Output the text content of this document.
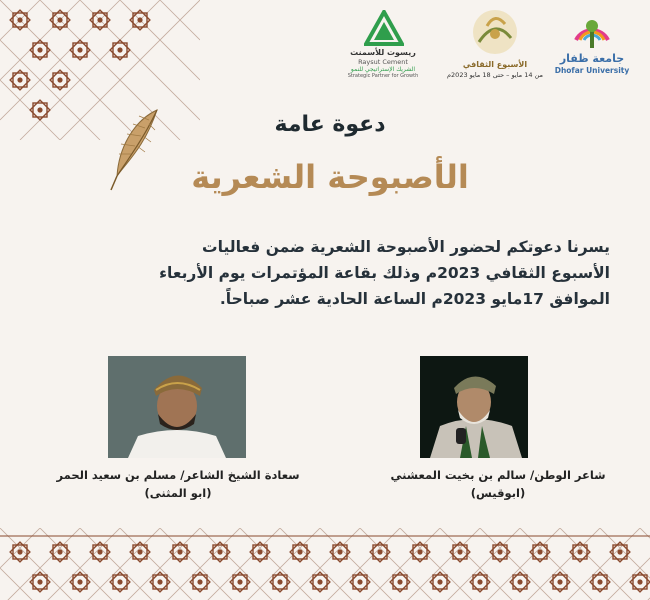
ريسوت للأسمنت
Raysut Cement
الشريك الإستراتيجي للنمو
Strategic Partner for Growth
الأسبوع الثقافي
من 14 مايو – حتى 18 مايو 2023م
جامعة ظفار
Dhofar University
دعوة عامة
الأصبوحة الشعرية
يسرنا دعوتكم لحضور الأصبوحة الشعرية ضمن فعاليات
الأسبوع الثقافي 2023م وذلك بقاعة المؤتمرات يوم الأربعاء
الموافق 17مايو 2023م الساعة الحادية عشر صباحاً.
شاعر الوطن/ سالم بن بخيت المعشني
(ابوقيس)
سعادة الشيخ الشاعر/ مسلم بن سعيد الحمر
(ابو المثنى)
